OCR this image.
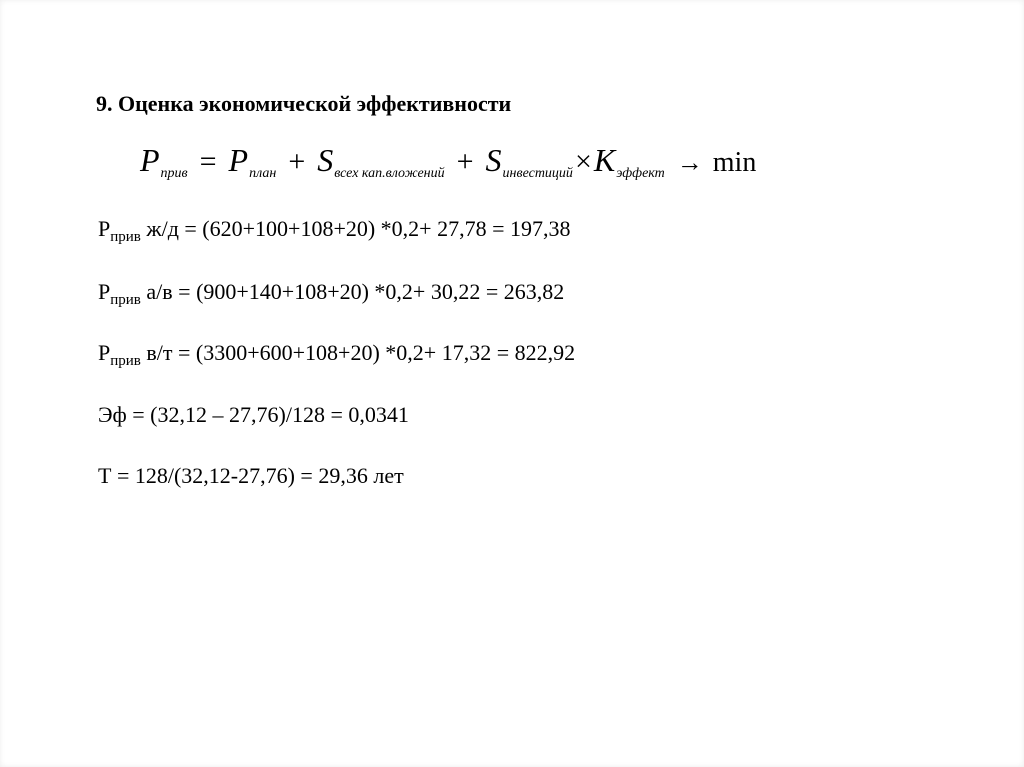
9. Оценка экономической эффективности
Pприв = Pплан + Sвсех кап.вложений + Sинвестиций×Kэффект → min
$P_{прив}$ ж/д = (620+100+108+20) *0,2+ 27,78 = 197,38
$P_{прив}$ а/в = (900+140+108+20) *0,2+ 30,22 = 263,82
$P_{прив}$ в/т = (3300+600+108+20) *0,2+ 17,32 = 822,92
Эф = (32,12 – 27,76)/128 = 0,0341
Т = 128/(32,12-27,76) = 29,36 лет
